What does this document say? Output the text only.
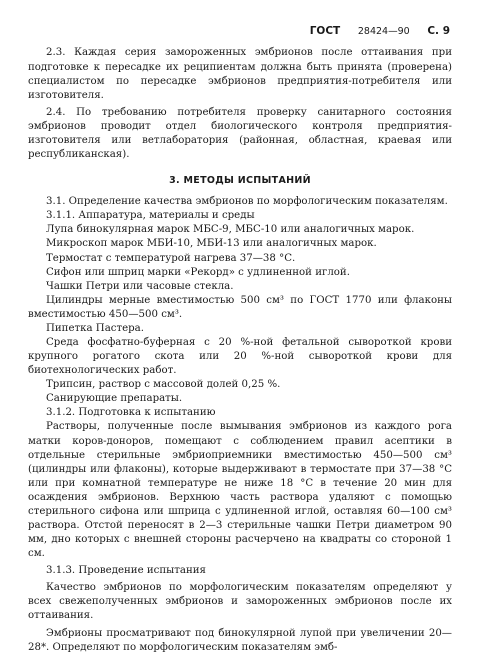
ГОСТ 28424—90 С. 9

2.3. Каждая серия замороженных эмбрионов после оттаивания при подготовке к пересадке их реципиентам должна быть принята (проверена) специалистом по пересадке эмбрионов предприятия-потребителя или изготовителя.

2.4. По требованию потребителя проверку санитарного состояния эмбрионов проводит отдел биологического контроля предприятия-изготовителя или ветлаборатория (районная, областная, краевая или республиканская).

3. МЕТОДЫ ИСПЫТАНИЙ

3.1. Определение качества эмбрионов по морфологическим показателям.

3.1.1. Аппаратура, материалы и среды

Лупа бинокулярная марок МБС-9, МБС-10 или аналогичных марок.

Микроскоп марок МБИ-10, МБИ-13 или аналогичных марок.

Термостат с температурой нагрева 37—38 °С.

Сифон или шприц марки «Рекорд» с удлиненной иглой.

Чашки Петри или часовые стекла.

Цилиндры мерные вместимостью 500 см³ по ГОСТ 1770 или флаконы вместимостью 450—500 см³.

Пипетка Пастера.

Среда фосфатно-буферная с 20 %-ной фетальной сывороткой крови крупного рогатого скота или 20 %-ной сывороткой крови для биотехнологических работ.

Трипсин, раствор с массовой долей 0,25 %.

Санирующие препараты.

3.1.2. Подготовка к испытанию

Растворы, полученные после вымывания эмбрионов из каждого рога матки коров-доноров, помещают с соблюдением правил асептики в отдельные стерильные эмбриоприемники вместимостью 450—500 см³ (цилиндры или флаконы), которые выдерживают в термостате при 37—38 °С или при комнатной температуре не ниже 18 °С в течение 20 мин для осаждения эмбрионов. Верхнюю часть раствора удаляют с помощью стерильного сифона или шприца с удлиненной иглой, оставляя 60—100 см³ раствора. Отстой переносят в 2—3 стерильные чашки Петри диаметром 90 мм, дно которых с внешней стороны расчерчено на квадраты со стороной 1 см.

3.1.3. Проведение испытания

Качество эмбрионов по морфологическим показателям определяют у всех свежеполученных эмбрионов и замороженных эмбрионов после их оттаивания.

Эмбрионы просматривают под бинокулярной лупой при увеличении 20—28*. Определяют по морфологическим показателям эмб-
